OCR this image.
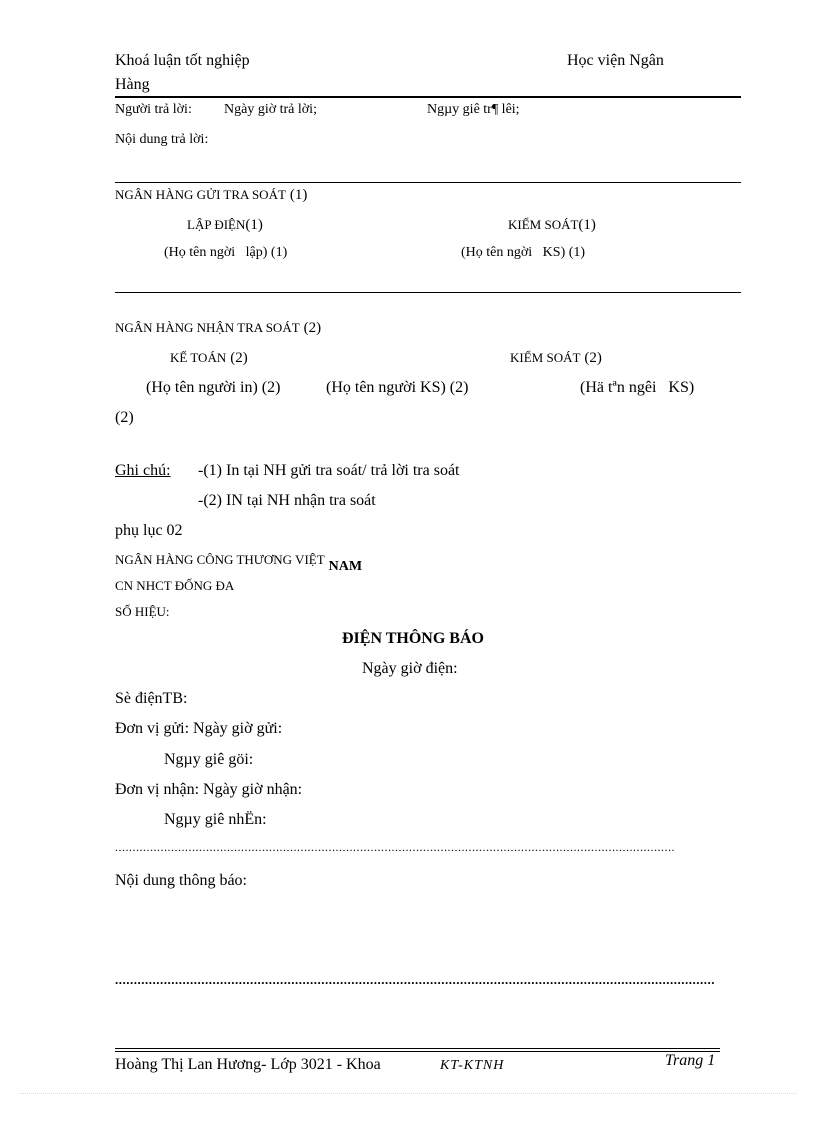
Khoá luận tốt nghiệp	Học viện Ngân
Hàng
Người trả lời: Ngày giờ trả lời;	Ngµy giê tr¶ lêi;
Nội dung trả lời:
NGÂN HÀNG GỬI TRA SOÁT (1)
LẬP ĐIỆN(1)	KIỂM SOÁT(1)
(Họ tên ngời   lập) (1)	(Họ tên ngời   KS) (1)
NGÂN HÀNG NHẬN TRA SOÁT (2)
KẾ TOÁN (2)	KIỂM SOÁT (2)
(Họ tên người in) (2)	(Họ tên người KS) (2)	(Hä tªn ngêi   KS)
(2)
Ghi chú: -(1) In tại NH gửi tra soát/ trả lời tra soát
-(2) IN tại NH nhận tra soát
phụ lục 02
NGÂN HÀNG CÔNG THƯƠNG VIỆT NAM
CN NHCT ĐỐNG ĐA
SỐ HIỆU:
ĐIỆN THÔNG BÁO
Ngày giờ điện:
Sè điệnTB:
Đơn vị gửi: Ngày giờ gửi:
Ngµy giê göi:
Đơn vị nhận: Ngày giờ nhận:
Ngµy giê nhËn:
................................................................................................................................................................
Nội dung thông báo:
................................................................................................................................................................
Hoàng Thị Lan Hương- Lớp 3021 - Khoa	KT-KTNH	Trang 1
